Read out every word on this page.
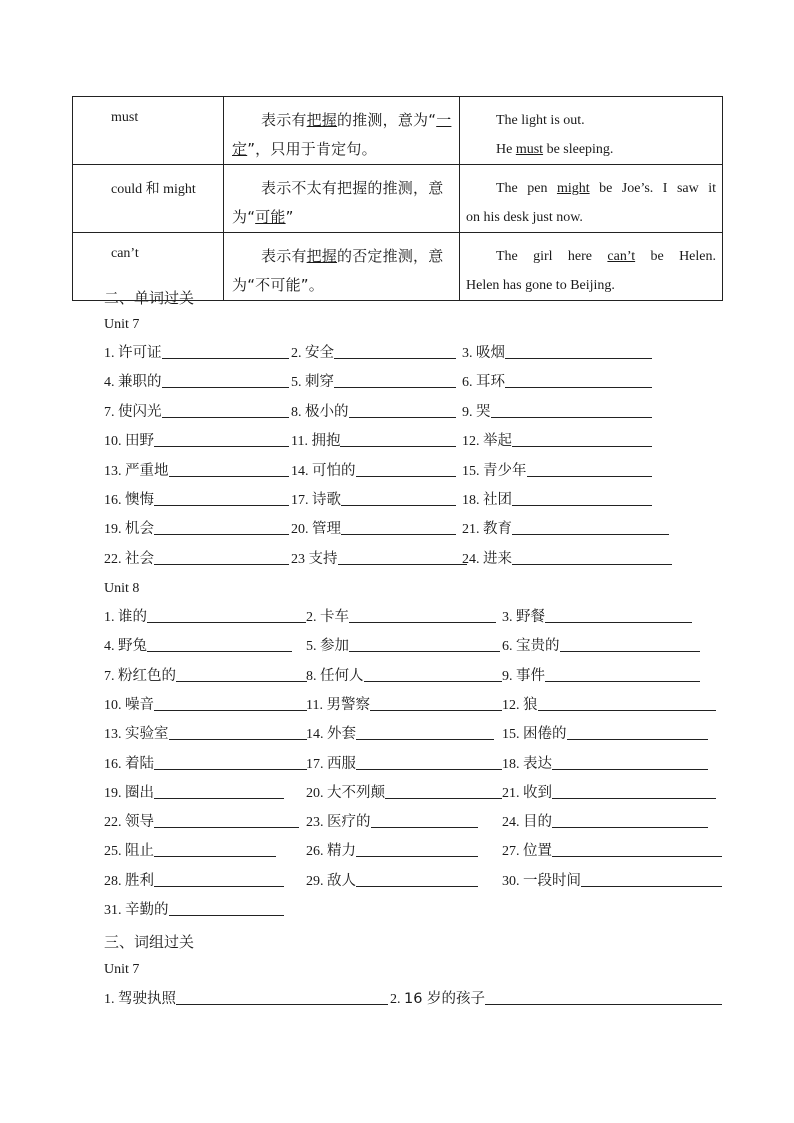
must	表示有把握的推测，意为“一定”，只用于肯定句。	The light is out.
He must be sleeping.

could 和 might	表示不太有把握的推测，意为“可能”	The pen might be Joe’s. I saw it
on his desk just now.

can’t	表示有把握的否定推测，意为“不可能”。	The girl here can’t be Helen.
Helen has gone to Beijing.
二、单词过关
Unit 7
1. 许可证	2. 安全	3. 吸烟
4. 兼职的	5. 刺穿	6. 耳环
7. 使闪光	8. 极小的	9. 哭
10. 田野	11. 拥抱	12. 举起
13. 严重地	14. 可怕的	15. 青少年
16. 懊悔	17. 诗歌	18. 社团
19. 机会	20. 管理	21. 教育
22. 社会	23 支持	24. 进来
Unit 8
1. 谁的	2. 卡车	3. 野餐
4. 野兔	5. 参加	6. 宝贵的
7. 粉红色的	8. 任何人	9. 事件
10. 噪音	11. 男警察	12. 狼
13. 实验室	14. 外套	15. 困倦的
16. 着陆	17. 西服	18. 表达
19. 圈出	20. 大不列颠	21. 收到
22. 领导	23. 医疗的	24. 目的
25. 阻止	26. 精力	27. 位置
28. 胜利	29. 敌人	30. 一段时间
31. 辛勤的
三、词组过关
Unit 7
1. 驾驶执照	2. 16 岁的孩子
